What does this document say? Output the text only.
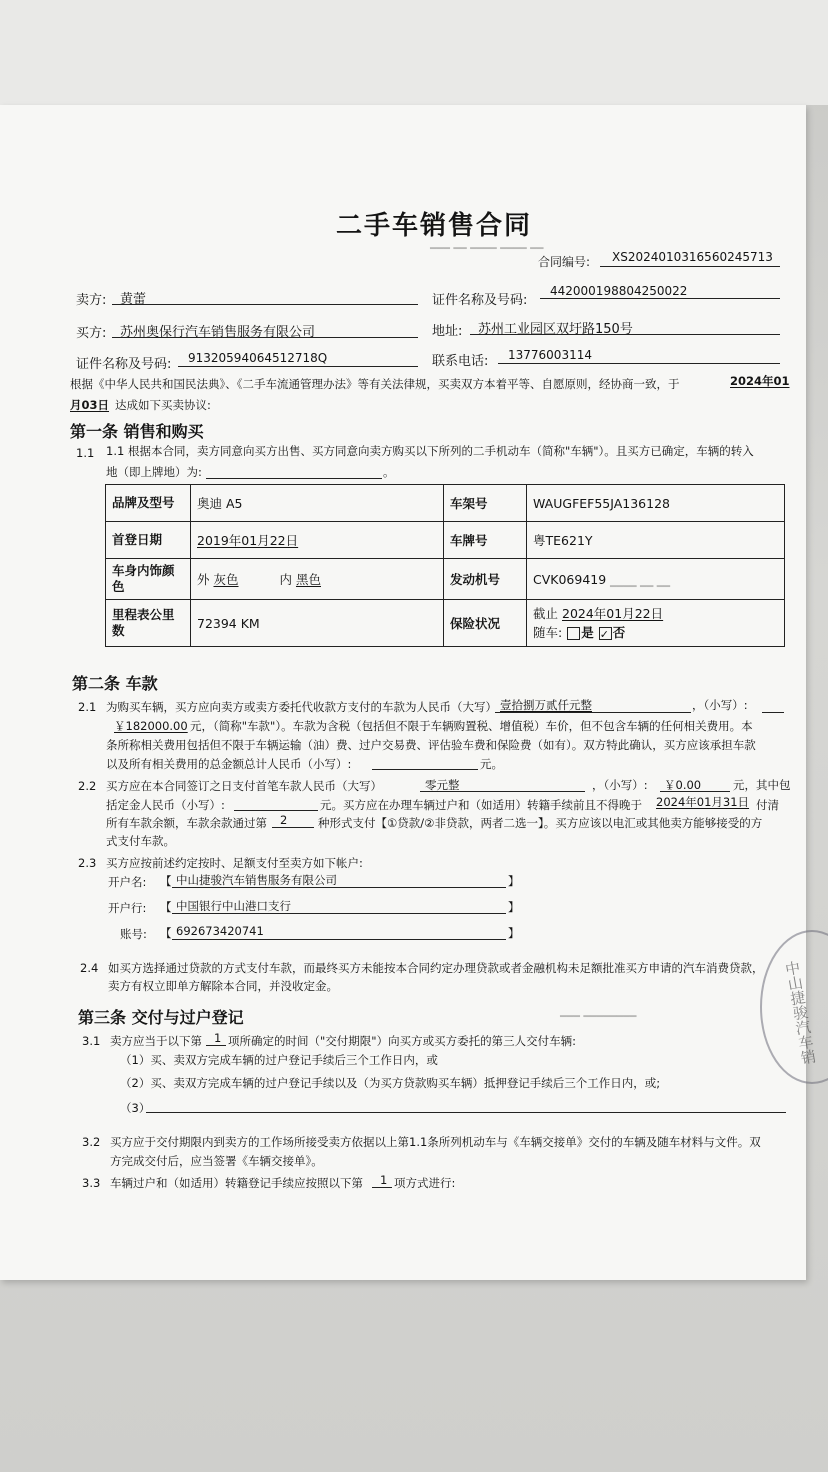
━━━ ━━ ━━━━ ━━━━ ━━
━━━━ ━━ ━━
━━━ ━━━━━━━━
二手车销售合同
合同编号: XS2024010316560245713
卖方: 黄蕾	证件名称及号码:
442000198804250022
买方: 苏州奥保行汽车销售服务有限公司	地址: 苏州工业园区双圩路150号
证件名称及号码: 91320594064512718Q	联系电话: 13776003114
根据《中华人民共和国民法典》、《二手车流通管理办法》等有关法律规，买卖双方本着平等、自愿原则，经协商一致，于	2024年01
月03日 达成如下买卖协议:
第一条 销售和购买
1.1 1.1 根据本合同，卖方同意向买方出售、买方同意向卖方购买以下所列的二手机动车（简称"车辆"）。且买方已确定，车辆的转入
地（即上牌地）为:	。
品牌及型号	奥迪 A5	车架号	WAUGFEF55JA136128
首登日期	2019年01月22日	车牌号	粤TE621Y
车身内饰颜色	外 灰色 内 黑色	发动机号	CVK069419
里程表公里数	72394 KM	保险状况	截止 2024年01月22日
随车: 是 ✓ 否
第二条 车款
2.1 为购买车辆，买方应向卖方或卖方委托代收款方支付的车款为人民币（大写） 壹拾捌万贰仟元整	，（小写）:
￥182000.00 元，（简称"车款"）。车款为含税（包括但不限于车辆购置税、增值税）车价，但不包含车辆的任何相关费用。本
条所称相关费用包括但不限于车辆运输（油）费、过户交易费、评估验车费和保险费（如有）。双方特此确认，买方应该承担车款
以及所有相关费用的总金额总计人民币（小写）:	元。
2.2 买方应在本合同签订之日支付首笔车款人民币（大写）	零元整	，（小写）: ￥0.00	元，其中包
括定金人民币（小写）:	元。买方应在办理车辆过户和（如适用）转籍手续前且不得晚于 2024年01月31日 付清
所有车款余额，车款余款通过第 2	种形式支付【①贷款/②非贷款，两者二选一】。买方应该以电汇或其他卖方能够接受的方
式支付车款。
2.3 买方应按前述约定按时、足额支付至卖方如下帐户:
开户名: 【 中山捷骏汽车销售服务有限公司	】
开户行: 【 中国银行中山港口支行	】
账号: 【 692673420741	】
2.4 如买方选择通过贷款的方式支付车款，而最终买方未能按本合同约定办理贷款或者金融机构未足额批准买方申请的汽车消费贷款，
卖方有权立即单方解除本合同，并没收定金。
第三条 交付与过户登记
3.1 卖方应当于以下第 1 项所确定的时间（"交付期限"）向买方或买方委托的第三人交付车辆:
（1）买、卖双方完成车辆的过户登记手续后三个工作日内，或
（2）买、卖双方完成车辆的过户登记手续以及（为买方贷款购买车辆）抵押登记手续后三个工作日内，或;
（3）
3.2 买方应于交付期限内到卖方的工作场所接受卖方依据以上第1.1条所列机动车与《车辆交接单》交付的车辆及随车材料与文件。双
方完成交付后，应当签署《车辆交接单》。
3.3 车辆过户和（如适用）转籍登记手续应按照以下第 1 项方式进行:
中山捷骏汽车销
